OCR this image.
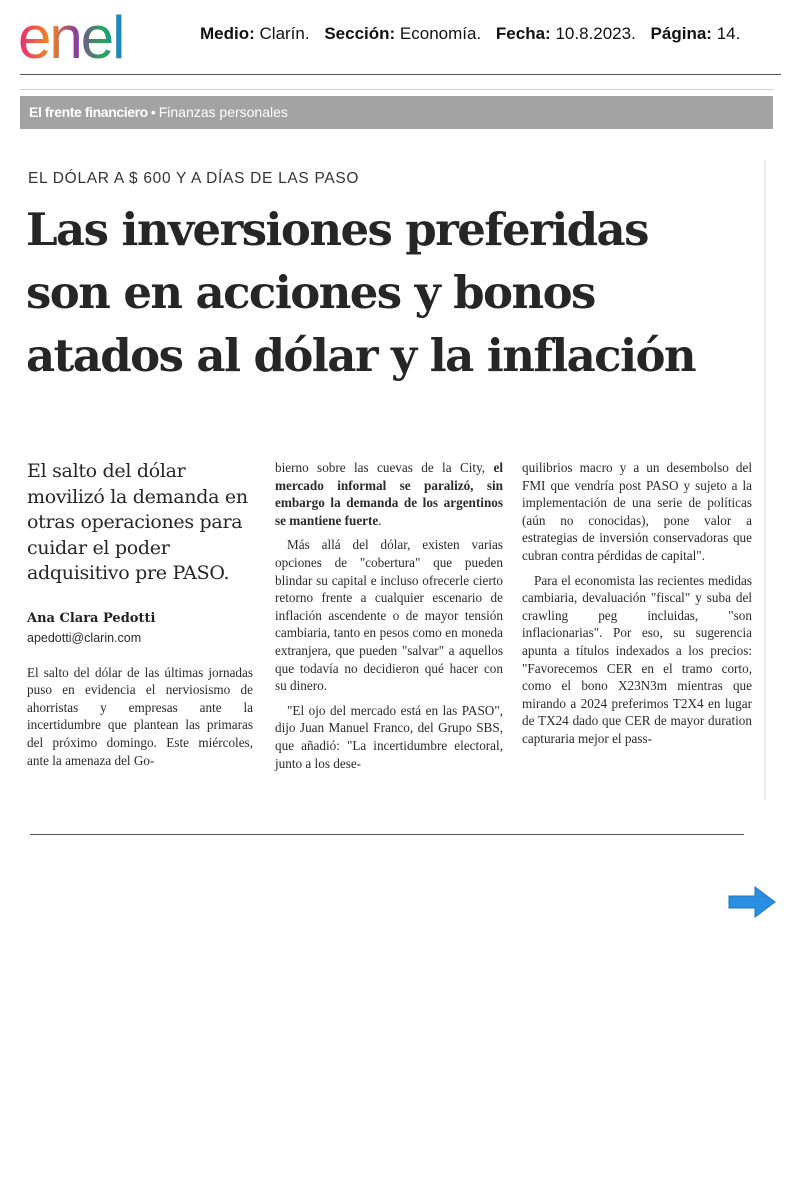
enel	Medio: Clarín. Sección: Economía. Fecha: 10.8.2023. Página: 14.
El frente financiero • Finanzas personales
EL DÓLAR A $ 600 Y A DÍAS DE LAS PASO
Las inversiones preferidas
son en acciones y bonos
atados al dólar y la inflación

El salto del dólar movilizó la demanda en otras operaciones para cuidar el poder adquisitivo pre PASO.

Ana Clara Pedotti
apedotti@clarin.com

El salto del dólar de las últimas jornadas puso en evidencia el nerviosismo de ahorristas y empresas ante la incertidumbre que plantean las primaras del próximo domingo. Este miércoles, ante la amenaza del Go-

bierno sobre las cuevas de la City, el mercado informal se paralizó, sin embargo la demanda de los argentinos se mantiene fuerte.

Más allá del dólar, existen varias opciones de "cobertura" que pueden blindar su capital e incluso ofrecerle cierto retorno frente a cualquier escenario de inflación ascendente o de mayor tensión cambiaria, tanto en pesos como en moneda extranjera, que pueden "salvar" a aquellos que todavía no decidieron qué hacer con su dinero.

"El ojo del mercado está en las PASO", dijo Juan Manuel Franco, del Grupo SBS, que añadió: "La incertidumbre electoral, junto a los dese-

quilibrios macro y a un desembolso del FMI que vendría post PASO y sujeto a la implementación de una serie de políticas (aún no conocidas), pone valor a estrategias de inversión conservadoras que cubran contra pérdidas de capital".

Para el economista las recientes medidas cambiaria, devaluación "fiscal" y suba del crawling peg incluidas, "son inflacionarias". Por eso, su sugerencia apunta a títulos indexados a los precios: "Favorecemos CER en el tramo corto, como el bono X23N3m mientras que mirando a 2024 preferimos T2X4 en lugar de TX24 dado que CER de mayor duration capturaria mejor el pass-
